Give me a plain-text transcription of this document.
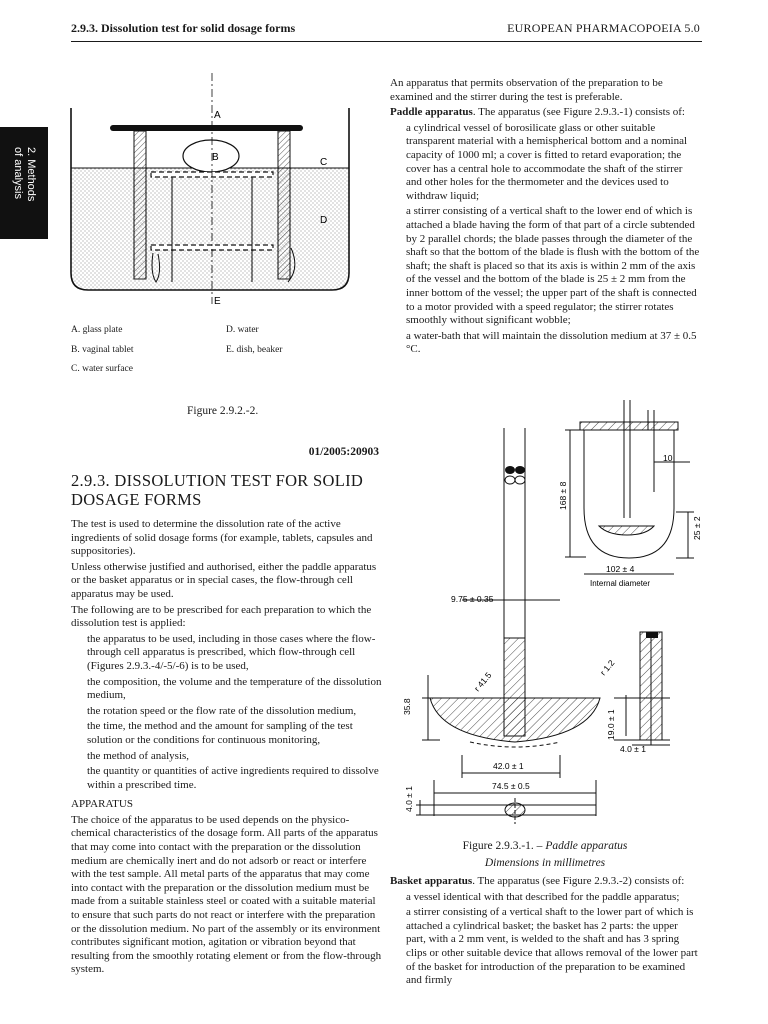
2.9.3. Dissolution test for solid dosage forms	EUROPEAN PHARMACOPOEIA 5.0
2. Methods
of analysis
A
B	C
D
E
A. glass plate
B. vaginal tablet
C. water surface
D. water
E. dish, beaker
Figure 2.9.2.-2.
01/2005:20903
2.9.3. DISSOLUTION TEST FOR SOLID DOSAGE FORMS

The test is used to determine the dissolution rate of the active ingredients of solid dosage forms (for example, tablets, capsules and suppositories).

Unless otherwise justified and authorised, either the paddle apparatus or the basket apparatus or in special cases, the flow-through cell apparatus may be used.

The following are to be prescribed for each preparation to which the dissolution test is applied:

the apparatus to be used, including in those cases where the flow-through cell apparatus is prescribed, which flow-through cell (Figures 2.9.3.-4/-5/-6) is to be used,

the composition, the volume and the temperature of the dissolution medium,

the rotation speed or the flow rate of the dissolution medium,

the time, the method and the amount for sampling of the test solution or the conditions for continuous monitoring,

the method of analysis,

the quantity or quantities of active ingredients required to dissolve within a prescribed time.

APPARATUS

The choice of the apparatus to be used depends on the physico-chemical characteristics of the dosage form. All parts of the apparatus that may come into contact with the preparation or the dissolution medium are chemically inert and do not adsorb or react or interfere with the test sample. All metal parts of the apparatus that may come into contact with the preparation or the dissolution medium must be made from a suitable stainless steel or coated with a suitable material to ensure that such parts do not react or interfere with the preparation or the dissolution medium. No part of the assembly or its environment contributes significant motion, agitation or vibration beyond that resulting from the smoothly rotating element or from the flow-through system.

An apparatus that permits observation of the preparation to be examined and the stirrer during the test is preferable.

Paddle apparatus. The apparatus (see Figure 2.9.3.-1) consists of:

a cylindrical vessel of borosilicate glass or other suitable transparent material with a hemispherical bottom and a nominal capacity of 1000 ml; a cover is fitted to retard evaporation; the cover has a central hole to accommodate the shaft of the stirrer and other holes for the thermometer and the devices used to withdraw liquid;

a stirrer consisting of a vertical shaft to the lower end of which is attached a blade having the form of that part of a circle subtended by 2 parallel chords; the blade passes through the diameter of the shaft so that the bottom of the blade is flush with the bottom of the shaft; the shaft is placed so that its axis is within 2 mm of the axis of the vessel and the bottom of the blade is 25 ± 2 mm from the inner bottom of the vessel; the upper part of the shaft is connected to a motor provided with a speed regulator; the stirrer rotates smoothly without significant wobble;

a water-bath that will maintain the dissolution medium at 37 ± 0.5 °C.

10
168 ± 8
25 ± 2
102 ± 4
Internal diameter
9.75 ± 0.35
r 41.5
r 1.2
35.8
19.0 ± 1
4.0 ± 1
42.0 ± 1
74.5 ± 0.5
4.0 ± 1
Figure 2.9.3.-1. – Paddle apparatus
Dimensions in millimetres

Basket apparatus. The apparatus (see Figure 2.9.3.-2) consists of:

a vessel identical with that described for the paddle apparatus;

a stirrer consisting of a vertical shaft to the lower part of which is attached a cylindrical basket; the basket has 2 parts: the upper part, with a 2 mm vent, is welded to the shaft and has 3 spring clips or other suitable device that allows removal of the lower part of the basket for introduction of the preparation to be examined and firmly
